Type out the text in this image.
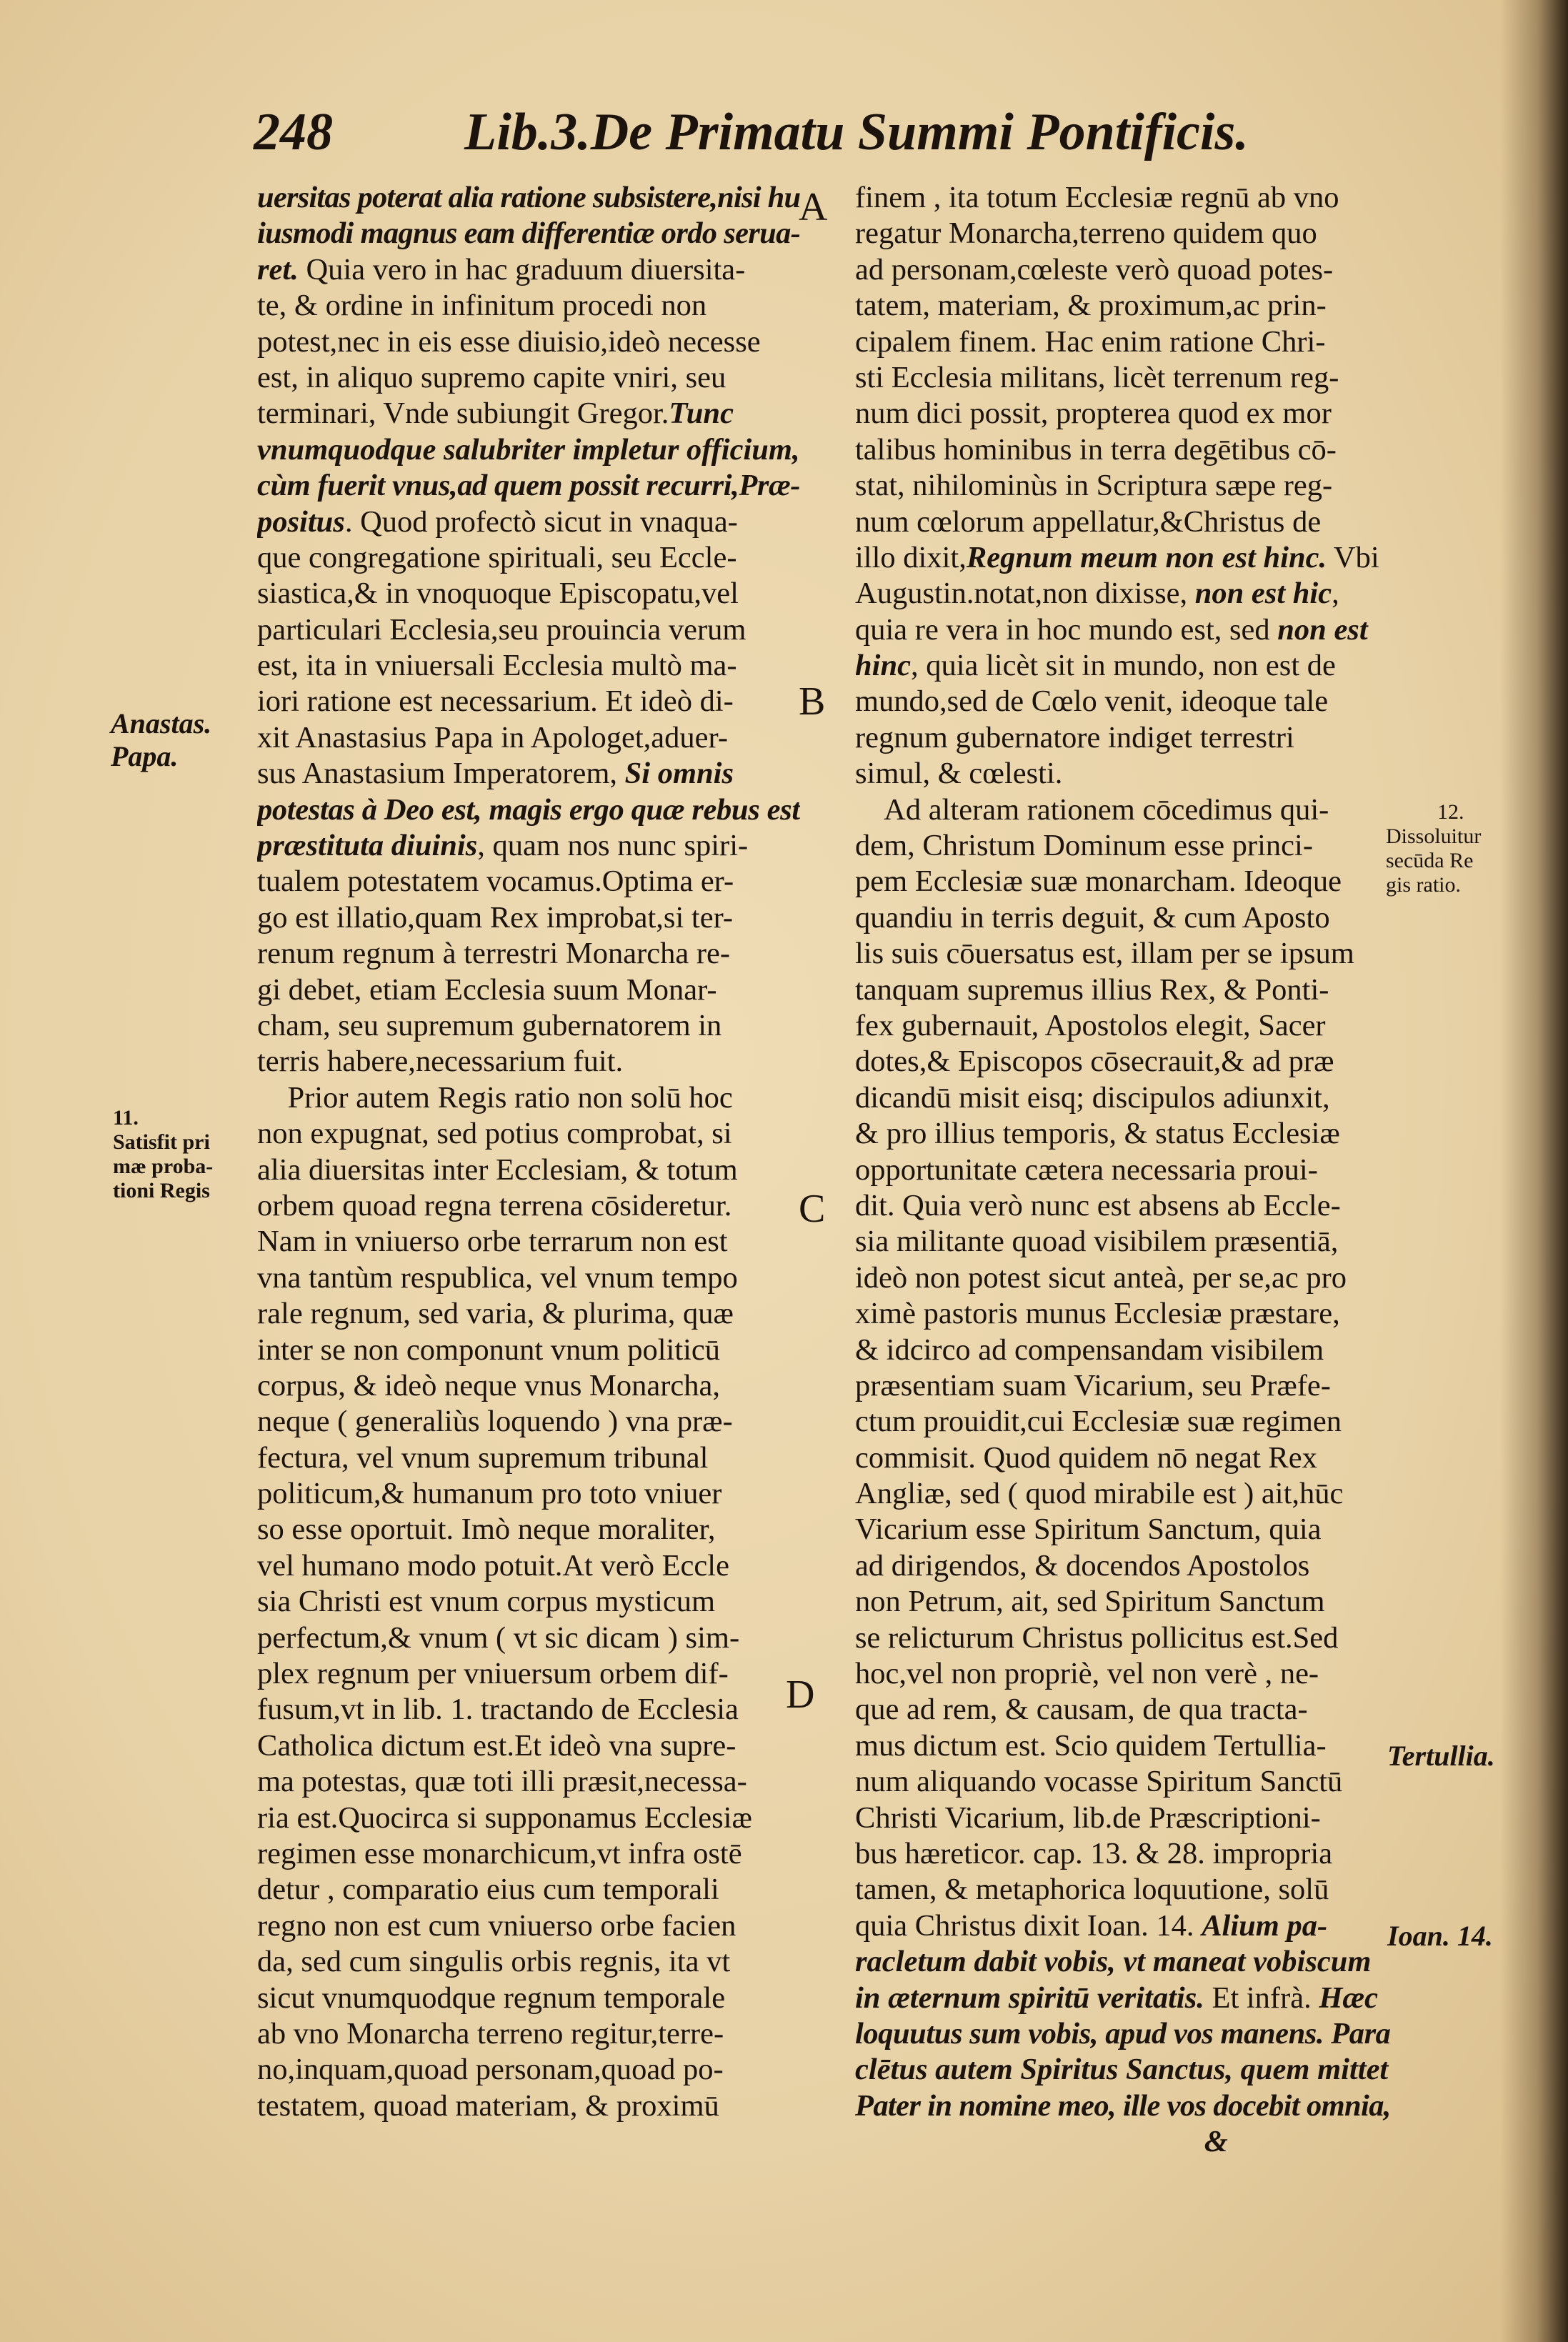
248 Lib.3.De Primatu Summi Pontificis.
uersitas poterat alia ratione subsistere,nisi hu
iusmodi magnus eam differentiæ ordo serua-
ret. Quia vero in hac graduum diuersita-
te, & ordine in infinitum procedi non
potest,nec in eis esse diuisio,ideò necesse
est, in aliquo supremo capite vniri, seu
terminari, Vnde subiungit Gregor.Tunc
vnumquodque salubriter impletur officium,
cùm fuerit vnus,ad quem possit recurri,Præ-
positus. Quod profectò sicut in vnaqua-
que congregatione spirituali, seu Eccle-
siastica,& in vnoquoque Episcopatu,vel
particulari Ecclesia,seu prouincia verum
est, ita in vniuersali Ecclesia multò ma-
iori ratione est necessarium. Et ideò di-
xit Anastasius Papa in Apologet,aduer-
sus Anastasium Imperatorem, Si omnis
potestas à Deo est, magis ergo quæ rebus est
præstituta diuinis, quam nos nunc spiri-
tualem potestatem vocamus.Optima er-
go est illatio,quam Rex improbat,si ter-
renum regnum à terrestri Monarcha re-
gi debet, etiam Ecclesia suum Monar-
cham, seu supremum gubernatorem in
terris habere,necessarium fuit.
Prior autem Regis ratio non solū hoc
non expugnat, sed potius comprobat, si
alia diuersitas inter Ecclesiam, & totum
orbem quoad regna terrena cōsideretur.
Nam in vniuerso orbe terrarum non est
vna tantùm respublica, vel vnum tempo
rale regnum, sed varia, & plurima, quæ
inter se non componunt vnum politicū
corpus, & ideò neque vnus Monarcha,
neque ( generaliùs loquendo ) vna præ-
fectura, vel vnum supremum tribunal
politicum,& humanum pro toto vniuer
so esse oportuit. Imò neque moraliter,
vel humano modo potuit.At verò Eccle
sia Christi est vnum corpus mysticum
perfectum,& vnum ( vt sic dicam ) sim-
plex regnum per vniuersum orbem dif-
fusum,vt in lib. 1. tractando de Ecclesia
Catholica dictum est.Et ideò vna supre-
ma potestas, quæ toti illi præsit,necessa-
ria est.Quocirca si supponamus Ecclesiæ
regimen esse monarchicum,vt infra ostē
detur , comparatio eius cum temporali
regno non est cum vniuerso orbe facien
da, sed cum singulis orbis regnis, ita vt
sicut vnumquodque regnum temporale
ab vno Monarcha terreno regitur,terre-
no,inquam,quoad personam,quoad po-
testatem, quoad materiam, & proximū
finem , ita totum Ecclesiæ regnū ab vno
regatur Monarcha,terreno quidem quo
ad personam,cœleste verò quoad potes-
tatem, materiam, & proximum,ac prin-
cipalem finem. Hac enim ratione Chri-
sti Ecclesia militans, licèt terrenum reg-
num dici possit, propterea quod ex mor
talibus hominibus in terra degētibus cō-
stat, nihilominùs in Scriptura sæpe reg-
num cœlorum appellatur,&Christus de
illo dixit,Regnum meum non est hinc. Vbi
Augustin.notat,non dixisse, non est hic,
quia re vera in hoc mundo est, sed non est
hinc, quia licèt sit in mundo, non est de
mundo,sed de Cœlo venit, ideoque tale
regnum gubernatore indiget terrestri
simul, & cœlesti.
Ad alteram rationem cōcedimus qui-
dem, Christum Dominum esse princi-
pem Ecclesiæ suæ monarcham. Ideoque
quandiu in terris deguit, & cum Aposto
lis suis cōuersatus est, illam per se ipsum
tanquam supremus illius Rex, & Ponti-
fex gubernauit, Apostolos elegit, Sacer
dotes,& Episcopos cōsecrauit,& ad præ
dicandū misit eisq; discipulos adiunxit,
& pro illius temporis, & status Ecclesiæ
opportunitate cætera necessaria proui-
dit. Quia verò nunc est absens ab Eccle-
sia militante quoad visibilem præsentiā,
ideò non potest sicut anteà, per se,ac pro
ximè pastoris munus Ecclesiæ præstare,
& idcirco ad compensandam visibilem
præsentiam suam Vicarium, seu Præfe-
ctum prouidit,cui Ecclesiæ suæ regimen
commisit. Quod quidem nō negat Rex
Angliæ, sed ( quod mirabile est ) ait,hūc
Vicarium esse Spiritum Sanctum, quia
ad dirigendos, & docendos Apostolos
non Petrum, ait, sed Spiritum Sanctum
se relicturum Christus pollicitus est.Sed
hoc,vel non propriè, vel non verè , ne-
que ad rem, & causam, de qua tracta-
mus dictum est. Scio quidem Tertullia-
num aliquando vocasse Spiritum Sanctū
Christi Vicarium, lib.de Præscriptioni-
bus hæreticor. cap. 13. & 28. impropria
tamen, & metaphorica loquutione, solū
quia Christus dixit Ioan. 14. Alium pa-
racletum dabit vobis, vt maneat vobiscum
in æternum spiritū veritatis. Et infrà. Hæc
loquutus sum vobis, apud vos manens. Para
clētus autem Spiritus Sanctus, quem mittet
Pater in nomine meo, ille vos docebit omnia,
&
A
B
C
D
Anastas.
Papa.
11.
Satisfit pri
mæ proba-
tioni Regis
12.
Dissoluitur
secūda Re
gis ratio.
Tertullia.
Ioan. 14.
